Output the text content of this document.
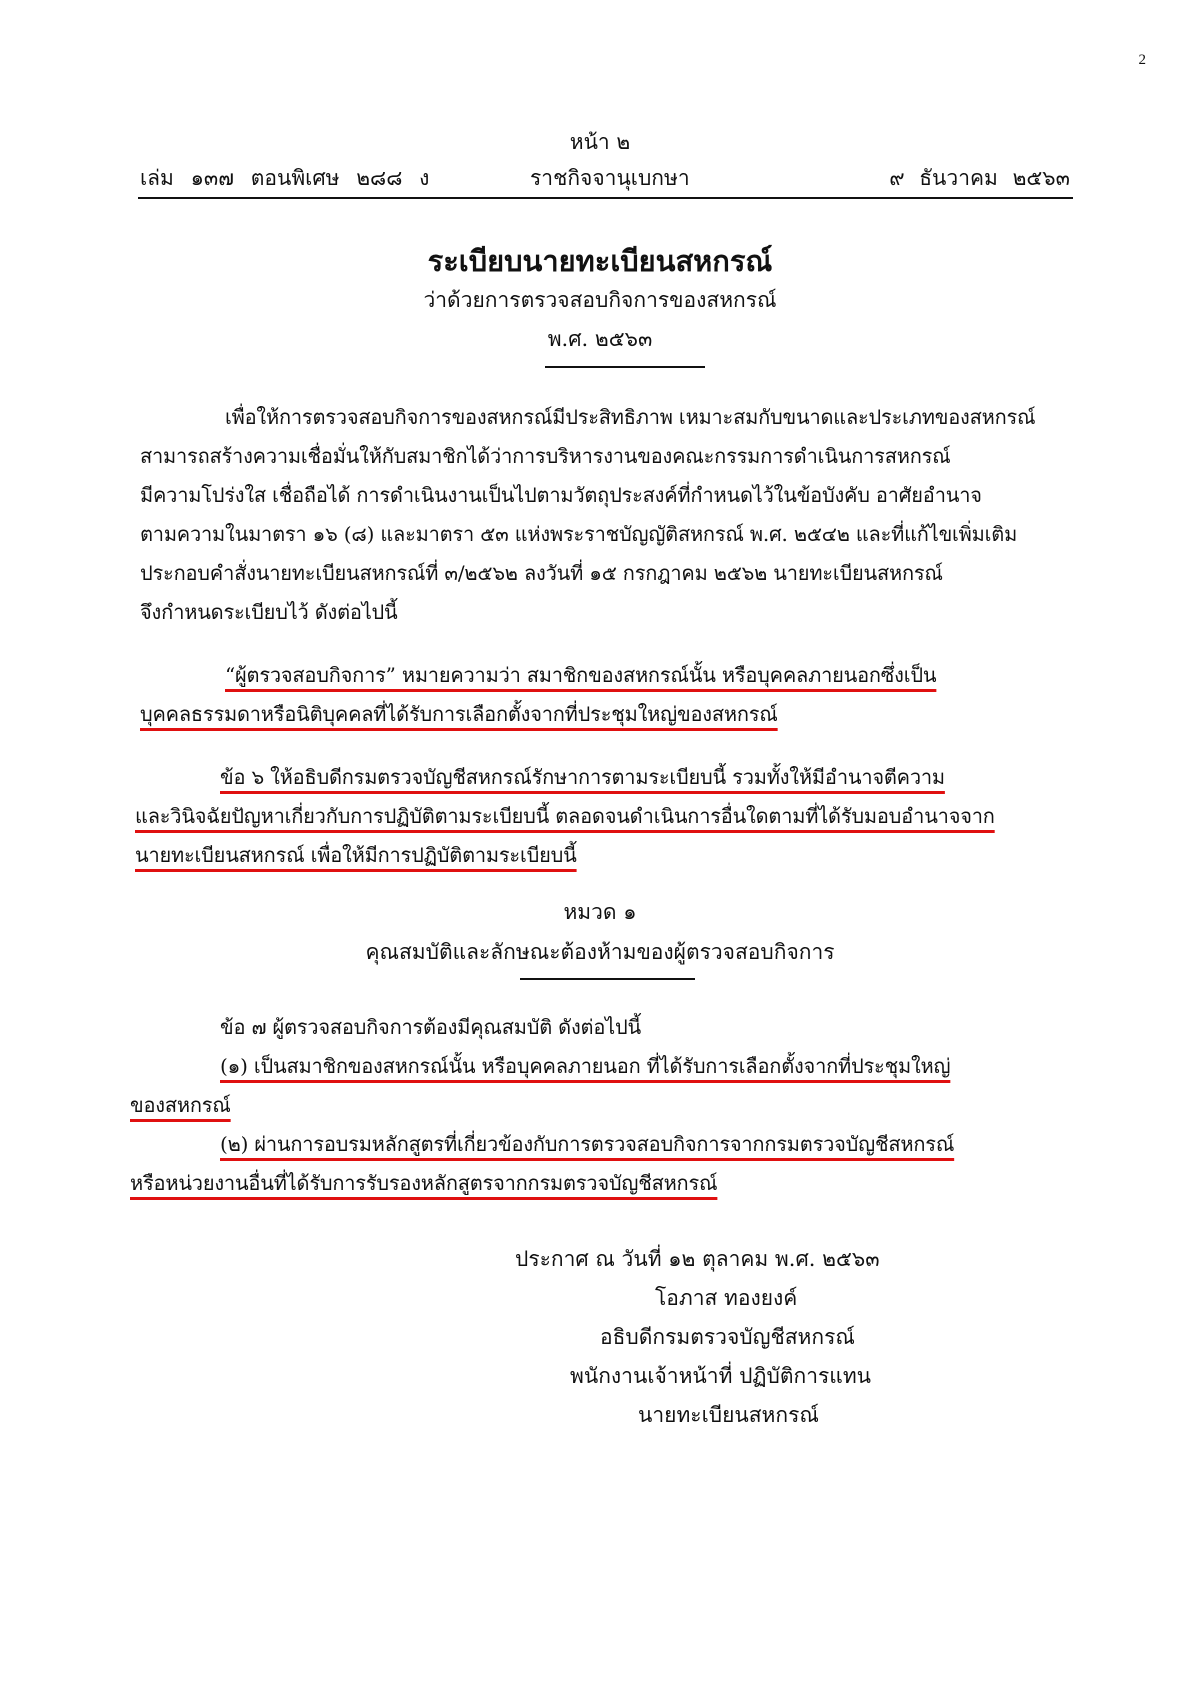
2
หน้า ๒
เล่ม ๑๓๗ ตอนพิเศษ ๒๘๘ ง	ราชกิจจานุเบกษา	๙ ธันวาคม ๒๕๖๓
ระเบียบนายทะเบียนสหกรณ์
ว่าด้วยการตรวจสอบกิจการของสหกรณ์
พ.ศ. ๒๕๖๓
เพื่อให้การตรวจสอบกิจการของสหกรณ์มีประสิทธิภาพ เหมาะสมกับขนาดและประเภทของสหกรณ์
สามารถสร้างความเชื่อมั่นให้กับสมาชิกได้ว่าการบริหารงานของคณะกรรมการดำเนินการสหกรณ์
มีความโปร่งใส เชื่อถือได้ การดำเนินงานเป็นไปตามวัตถุประสงค์ที่กำหนดไว้ในข้อบังคับ อาศัยอำนาจ
ตามความในมาตรา ๑๖ (๘) และมาตรา ๕๓ แห่งพระราชบัญญัติสหกรณ์ พ.ศ. ๒๕๔๒ และที่แก้ไขเพิ่มเติม
ประกอบคำสั่งนายทะเบียนสหกรณ์ที่ ๓/๒๕๖๒ ลงวันที่ ๑๕ กรกฎาคม ๒๕๖๒ นายทะเบียนสหกรณ์
จึงกำหนดระเบียบไว้ ดังต่อไปนี้
“ผู้ตรวจสอบกิจการ” หมายความว่า สมาชิกของสหกรณ์นั้น หรือบุคคลภายนอกซึ่งเป็น
บุคคลธรรมดาหรือนิติบุคคลที่ได้รับการเลือกตั้งจากที่ประชุมใหญ่ของสหกรณ์
ข้อ ๖ ให้อธิบดีกรมตรวจบัญชีสหกรณ์รักษาการตามระเบียบนี้ รวมทั้งให้มีอำนาจตีความ
และวินิจฉัยปัญหาเกี่ยวกับการปฏิบัติตามระเบียบนี้ ตลอดจนดำเนินการอื่นใดตามที่ได้รับมอบอำนาจจาก
นายทะเบียนสหกรณ์ เพื่อให้มีการปฏิบัติตามระเบียบนี้
หมวด ๑
คุณสมบัติและลักษณะต้องห้ามของผู้ตรวจสอบกิจการ
ข้อ ๗ ผู้ตรวจสอบกิจการต้องมีคุณสมบัติ ดังต่อไปนี้
(๑) เป็นสมาชิกของสหกรณ์นั้น หรือบุคคลภายนอก ที่ได้รับการเลือกตั้งจากที่ประชุมใหญ่
ของสหกรณ์
(๒) ผ่านการอบรมหลักสูตรที่เกี่ยวข้องกับการตรวจสอบกิจการจากกรมตรวจบัญชีสหกรณ์
หรือหน่วยงานอื่นที่ได้รับการรับรองหลักสูตรจากกรมตรวจบัญชีสหกรณ์
ประกาศ ณ วันที่ ๑๒ ตุลาคม พ.ศ. ๒๕๖๓
โอภาส ทองยงค์
อธิบดีกรมตรวจบัญชีสหกรณ์
พนักงานเจ้าหน้าที่ ปฏิบัติการแทน
นายทะเบียนสหกรณ์
